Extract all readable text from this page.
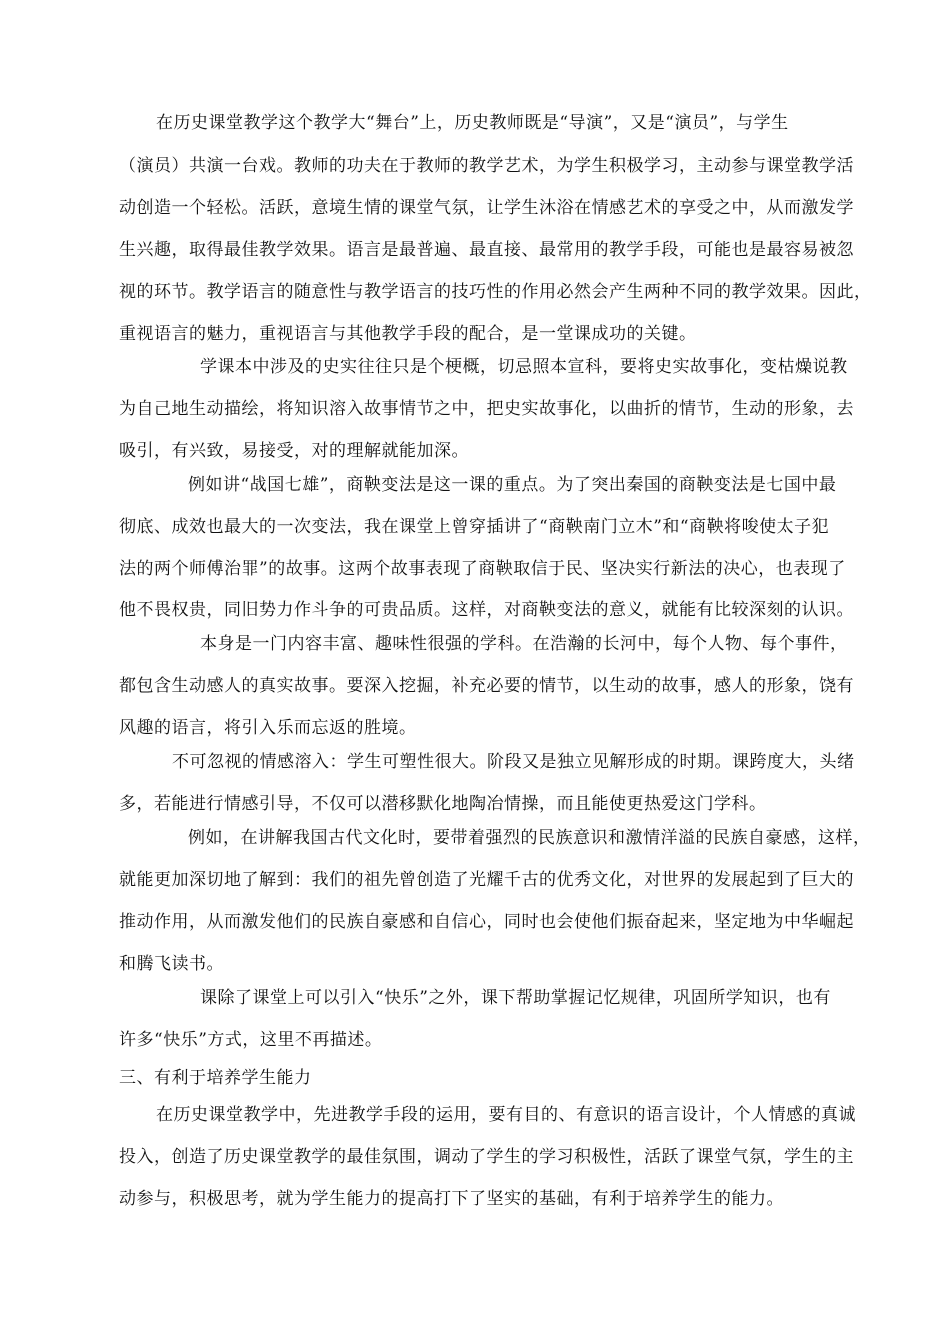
在历史课堂教学这个教学大“舞台”上，历史教师既是“导演”，又是“演员”，与学生
（演员）共演一台戏。教师的功夫在于教师的教学艺术，为学生积极学习，主动参与课堂教学活
动创造一个轻松。活跃，意境生情的课堂气氛，让学生沐浴在情感艺术的享受之中，从而激发学
生兴趣，取得最佳教学效果。语言是最普遍、最直接、最常用的教学手段，可能也是最容易被忽
视的环节。教学语言的随意性与教学语言的技巧性的作用必然会产生两种不同的教学效果。因此，
重视语言的魅力，重视语言与其他教学手段的配合，是一堂课成功的关键。
学课本中涉及的史实往往只是个梗概，切忌照本宣科，要将史实故事化，变枯燥说教
为自己地生动描绘，将知识溶入故事情节之中，把史实故事化，以曲折的情节，生动的形象，去
吸引，有兴致，易接受，对的理解就能加深。
例如讲“战国七雄”，商鞅变法是这一课的重点。为了突出秦国的商鞅变法是七国中最
彻底、成效也最大的一次变法，我在课堂上曾穿插讲了“商鞅南门立木”和“商鞅将唆使太子犯
法的两个师傅治罪”的故事。这两个故事表现了商鞅取信于民、坚决实行新法的决心，也表现了
他不畏权贵，同旧势力作斗争的可贵品质。这样，对商鞅变法的意义，就能有比较深刻的认识。
本身是一门内容丰富、趣味性很强的学科。在浩瀚的长河中，每个人物、每个事件，
都包含生动感人的真实故事。要深入挖掘，补充必要的情节，以生动的故事，感人的形象，饶有
风趣的语言，将引入乐而忘返的胜境。
不可忽视的情感溶入：学生可塑性很大。阶段又是独立见解形成的时期。课跨度大，头绪
多，若能进行情感引导，不仅可以潜移默化地陶冶情操，而且能使更热爱这门学科。
例如，在讲解我国古代文化时，要带着强烈的民族意识和激情洋溢的民族自豪感，这样，
就能更加深切地了解到：我们的祖先曾创造了光耀千古的优秀文化，对世界的发展起到了巨大的
推动作用，从而激发他们的民族自豪感和自信心，同时也会使他们振奋起来，坚定地为中华崛起
和腾飞读书。
课除了课堂上可以引入“快乐”之外，课下帮助掌握记忆规律，巩固所学知识，也有
许多“快乐”方式，这里不再描述。
三、有利于培养学生能力
在历史课堂教学中，先进教学手段的运用，要有目的、有意识的语言设计，个人情感的真诚
投入，创造了历史课堂教学的最佳氛围，调动了学生的学习积极性，活跃了课堂气氛，学生的主
动参与，积极思考，就为学生能力的提高打下了坚实的基础，有利于培养学生的能力。
